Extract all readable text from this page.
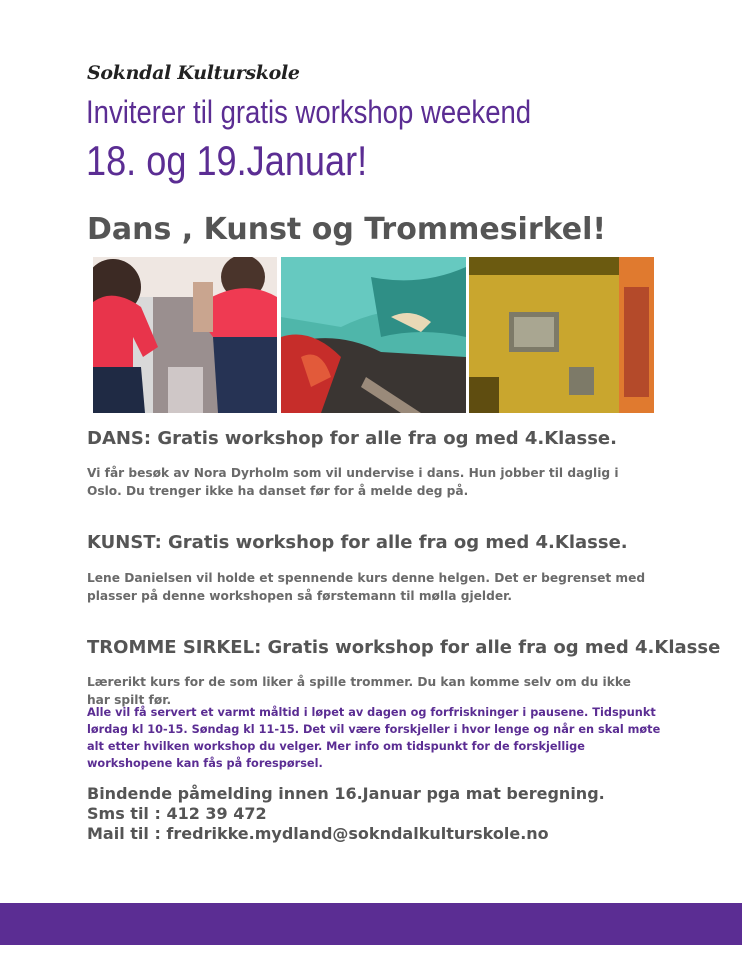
Sokndal Kulturskole
Inviterer til gratis workshop weekend
18. og 19.Januar!
Dans , Kunst og Trommesirkel!
DANS: Gratis workshop for alle fra og med 4.Klasse.
Vi får besøk av Nora Dyrholm som vil undervise i dans. Hun jobber til daglig i Oslo. Du trenger ikke ha danset før for å melde deg på.
KUNST: Gratis workshop for alle fra og med 4.Klasse.
Lene Danielsen vil holde et spennende kurs denne helgen. Det er begrenset med plasser på denne workshopen så førstemann til mølla gjelder.
TROMME SIRKEL: Gratis workshop for alle fra og med 4.Klasse
Lærerikt kurs for de som liker å spille trommer. Du kan komme selv om du ikke har spilt før.
Alle vil få servert et varmt måltid i løpet av dagen og forfriskninger i pausene. Tidspunkt lørdag kl 10-15. Søndag kl 11-15. Det vil være forskjeller i hvor lenge og når en skal møte alt etter hvilken workshop du velger. Mer info om tidspunkt for de forskjellige workshopene kan fås på forespørsel.
Bindende påmelding innen 16.Januar pga mat beregning.
Sms til : 412 39 472
Mail til : fredrikke.mydland@sokndalkulturskole.no
